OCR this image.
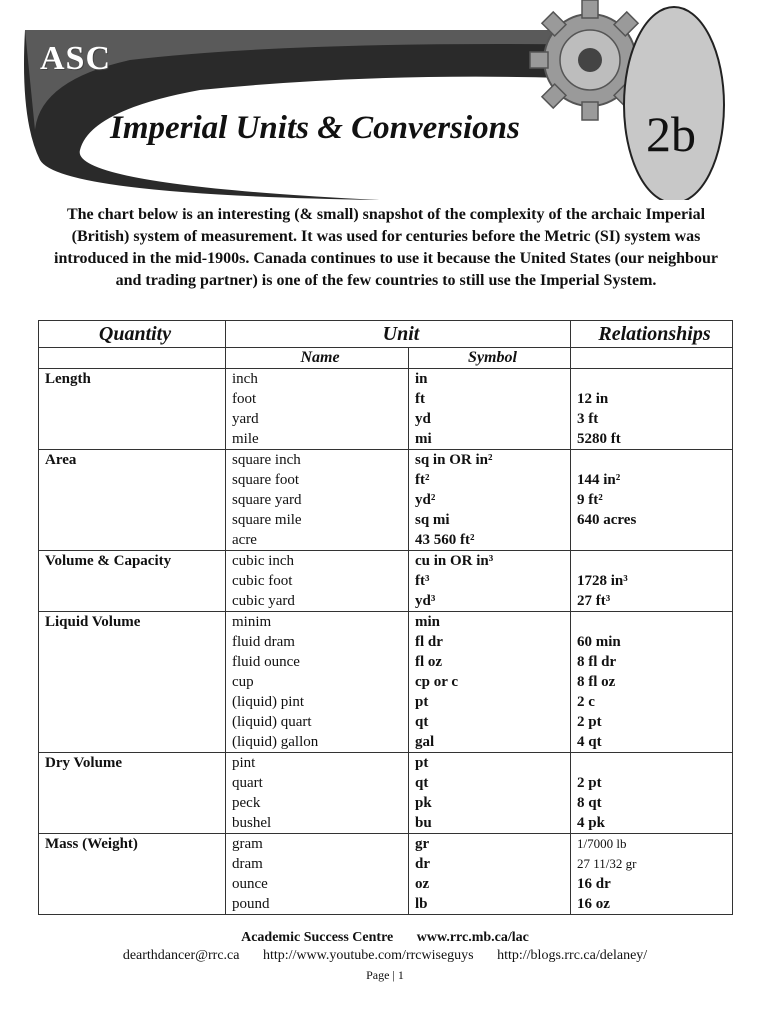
ASC
Imperial Units & Conversions	2b
The chart below is an interesting (& small) snapshot of the complexity of the archaic Imperial (British) system of measurement. It was used for centuries before the Metric (SI) system was introduced in the mid-1900s. Canada continues to use it because the United States (our neighbour and trading partner) is one of the few countries to still use the Imperial System.
Quantity	Unit		Relationships
	Name	Symbol	
Length	inch	in	
	foot	ft	12 in
	yard	yd	3 ft
	mile	mi	5280 ft
Area	square inch	sq in OR in²	
	square foot	ft²	144 in²
	square yard	yd²	9 ft²
	square mile	sq mi	640 acres
	acre	43 560 ft²	
Volume & Capacity	cubic inch	cu in OR in³	
	cubic foot	ft³	1728 in³
	cubic yard	yd³	27 ft³
Liquid Volume	minim	min	
	fluid dram	fl dr	60 min
	fluid ounce	fl oz	8 fl dr
	cup	cp or c	8 fl oz
	(liquid) pint	pt	2 c
	(liquid) quart	qt	2 pt
	(liquid) gallon	gal	4 qt
Dry Volume	pint	pt	
	quart	qt	2 pt
	peck	pk	8 qt
	bushel	bu	4 pk
Mass (Weight)	gram	gr	1/7000 lb
	dram	dr	27 11/32 gr
	ounce	oz	16 dr
	pound	lb	16 oz
Academic Success Centre www.rrc.mb.ca/lac
dearthdancer@rrc.ca http://www.youtube.com/rrcwiseguys http://blogs.rrc.ca/delaney/
Page | 1
